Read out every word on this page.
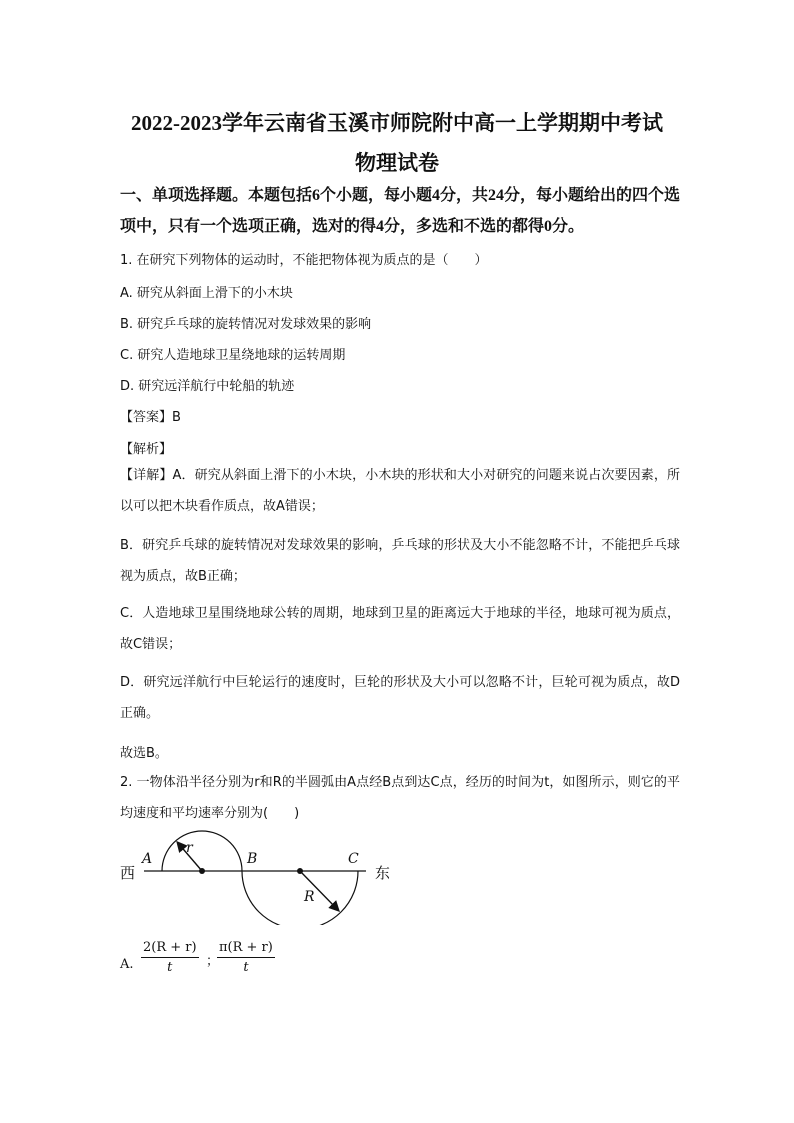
2022-2023学年云南省玉溪市师院附中高一上学期期中考试
物理试卷
一、单项选择题。本题包括6个小题，每小题4分，共24分，每小题给出的四个选项中，只有一个选项正确，选对的得4分，多选和不选的都得0分。
1. 在研究下列物体的运动时，不能把物体视为质点的是（　　）
A. 研究从斜面上滑下的小木块
B. 研究乒乓球的旋转情况对发球效果的影响
C. 研究人造地球卫星绕地球的运转周期
D. 研究远洋航行中轮船的轨迹
【答案】B
【解析】
【详解】A．研究从斜面上滑下的小木块，小木块的形状和大小对研究的问题来说占次要因素，所以可以把木块看作质点，故A错误；
B．研究乒乓球的旋转情况对发球效果的影响，乒乓球的形状及大小不能忽略不计，不能把乒乓球视为质点，故B正确；
C．人造地球卫星围绕地球公转的周期，地球到卫星的距离远大于地球的半径，地球可视为质点，故C错误；
D．研究远洋航行中巨轮运行的速度时，巨轮的形状及大小可以忽略不计，巨轮可视为质点，故D正确。
故选B。
2. 一物体沿半径分别为r和R的半圆弧由A点经B点到达C点，经历的时间为t，如图所示，则它的平均速度和平均速率分别为(　　)
西	东
A	B	C
r
R
A. $\frac{2(R + r)}{t}$ ；
$\frac{\pi(R + r)}{t}$
